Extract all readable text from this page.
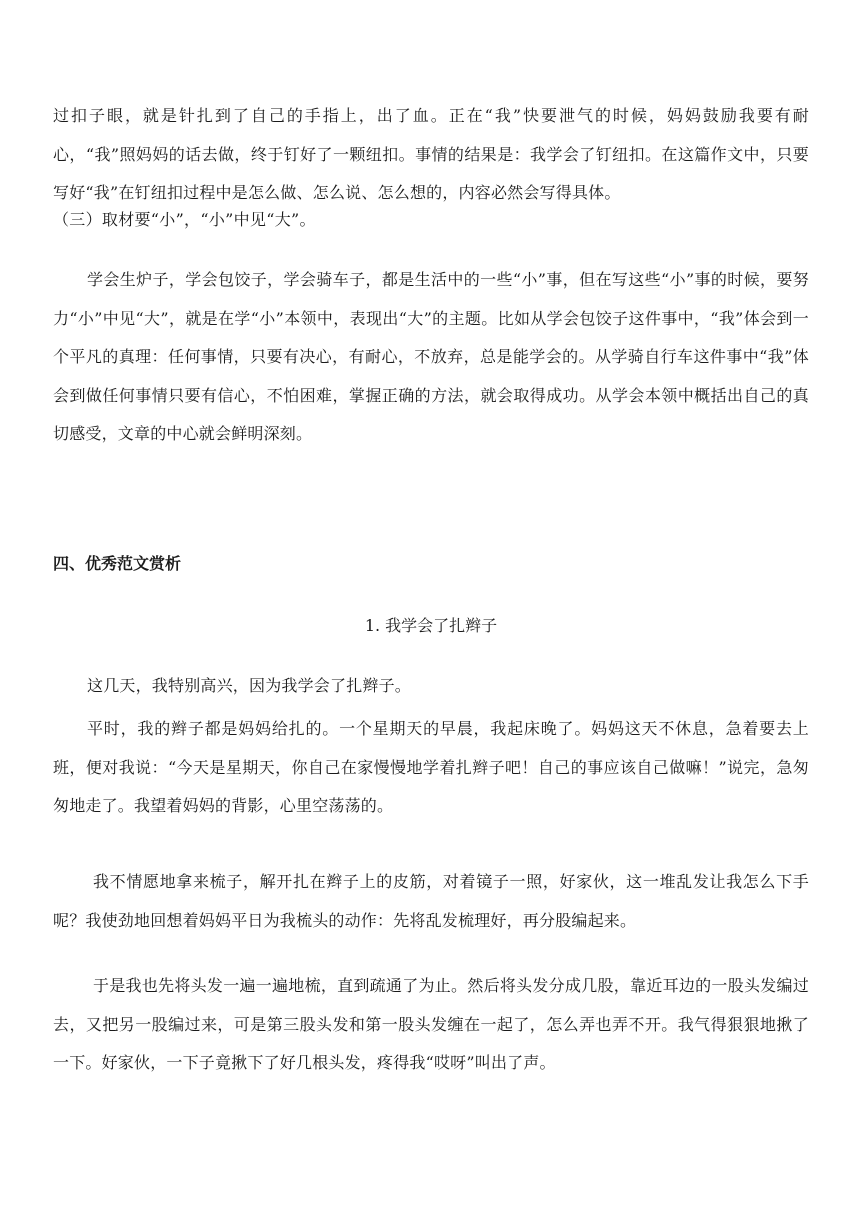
过扣子眼，就是针扎到了自己的手指上，出了血。正在“我”快要泄气的时候，妈妈鼓励我要有耐心，“我”照妈妈的话去做，终于钉好了一颗纽扣。事情的结果是：我学会了钉纽扣。在这篇作文中，只要写好“我”在钉纽扣过程中是怎么做、怎么说、怎么想的，内容必然会写得具体。

（三）取材要“小”，“小”中见“大”。

学会生炉子，学会包饺子，学会骑车子，都是生活中的一些“小”事，但在写这些“小”事的时候，要努力“小”中见“大”，就是在学“小”本领中，表现出“大”的主题。比如从学会包饺子这件事中，“我”体会到一个平凡的真理：任何事情，只要有决心，有耐心，不放弃，总是能学会的。从学骑自行车这件事中“我”体会到做任何事情只要有信心，不怕困难，掌握正确的方法，就会取得成功。从学会本领中概括出自己的真切感受，文章的中心就会鲜明深刻。

四、优秀范文赏析

1. 我学会了扎辫子

这几天，我特别高兴，因为我学会了扎辫子。

平时，我的辫子都是妈妈给扎的。一个星期天的早晨，我起床晚了。妈妈这天不休息，急着要去上班，便对我说：“今天是星期天，你自己在家慢慢地学着扎辫子吧！自己的事应该自己做嘛！”说完，急匆匆地走了。我望着妈妈的背影，心里空荡荡的。

我不情愿地拿来梳子，解开扎在辫子上的皮筋，对着镜子一照，好家伙，这一堆乱发让我怎么下手呢？我使劲地回想着妈妈平日为我梳头的动作：先将乱发梳理好，再分股编起来。

于是我也先将头发一遍一遍地梳，直到疏通了为止。然后将头发分成几股，靠近耳边的一股头发编过去，又把另一股编过来，可是第三股头发和第一股头发缠在一起了，怎么弄也弄不开。我气得狠狠地揪了一下。好家伙，一下子竟揪下了好几根头发，疼得我“哎呀”叫出了声。
